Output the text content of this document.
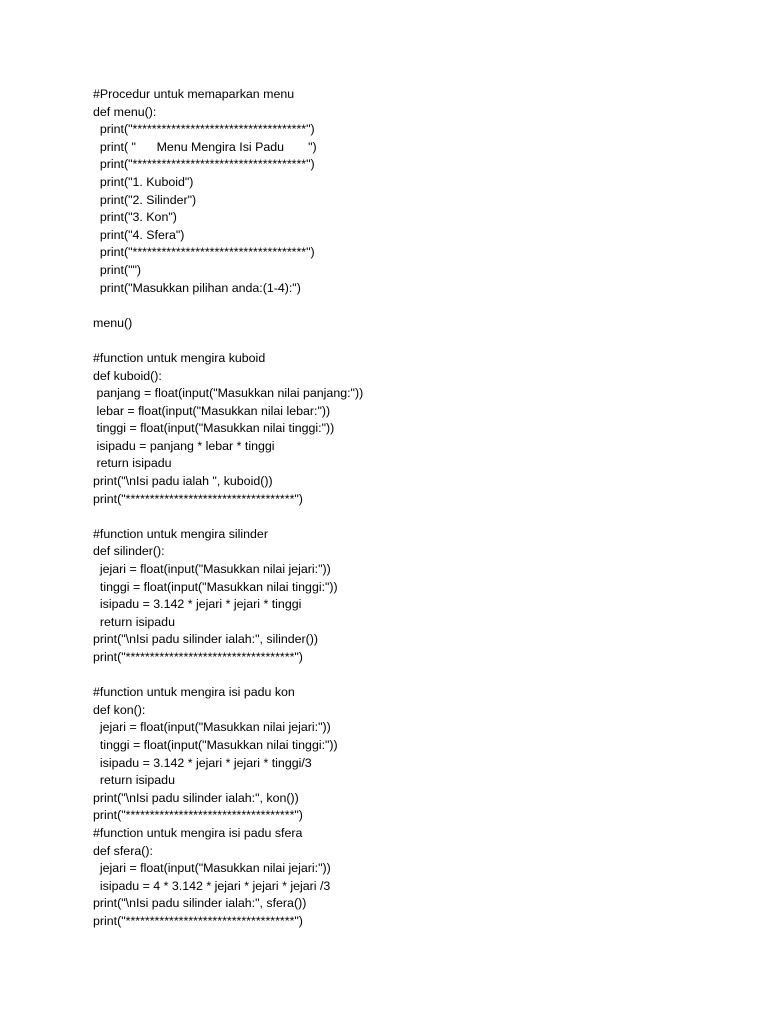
#Procedur untuk memaparkan menu
def menu():
print("************************************")
print( "      Menu Mengira Isi Padu       ")
print("************************************")
print("1. Kuboid")
print("2. Silinder")
print("3. Kon")
print("4. Sfera")
print("************************************")
print("")
print("Masukkan pilihan anda:(1-4):")
menu()
#function untuk mengira kuboid
def kuboid():
panjang = float(input("Masukkan nilai panjang:"))
lebar = float(input("Masukkan nilai lebar:"))
tinggi = float(input("Masukkan nilai tinggi:"))
isipadu = panjang * lebar * tinggi
return isipadu
print("\nIsi padu ialah ", kuboid())
print("***********************************")
#function untuk mengira silinder
def silinder():
jejari = float(input("Masukkan nilai jejari:"))
tinggi = float(input("Masukkan nilai tinggi:"))
isipadu = 3.142 * jejari * jejari * tinggi
return isipadu
print("\nIsi padu silinder ialah:", silinder())
print("***********************************")
#function untuk mengira isi padu kon
def kon():
jejari = float(input("Masukkan nilai jejari:"))
tinggi = float(input("Masukkan nilai tinggi:"))
isipadu = 3.142 * jejari * jejari * tinggi/3
return isipadu
print("\nIsi padu silinder ialah:", kon())
print("***********************************")
#function untuk mengira isi padu sfera
def sfera():
jejari = float(input("Masukkan nilai jejari:"))
isipadu = 4 * 3.142 * jejari * jejari * jejari /3
print("\nIsi padu silinder ialah:", sfera())
print("***********************************")
